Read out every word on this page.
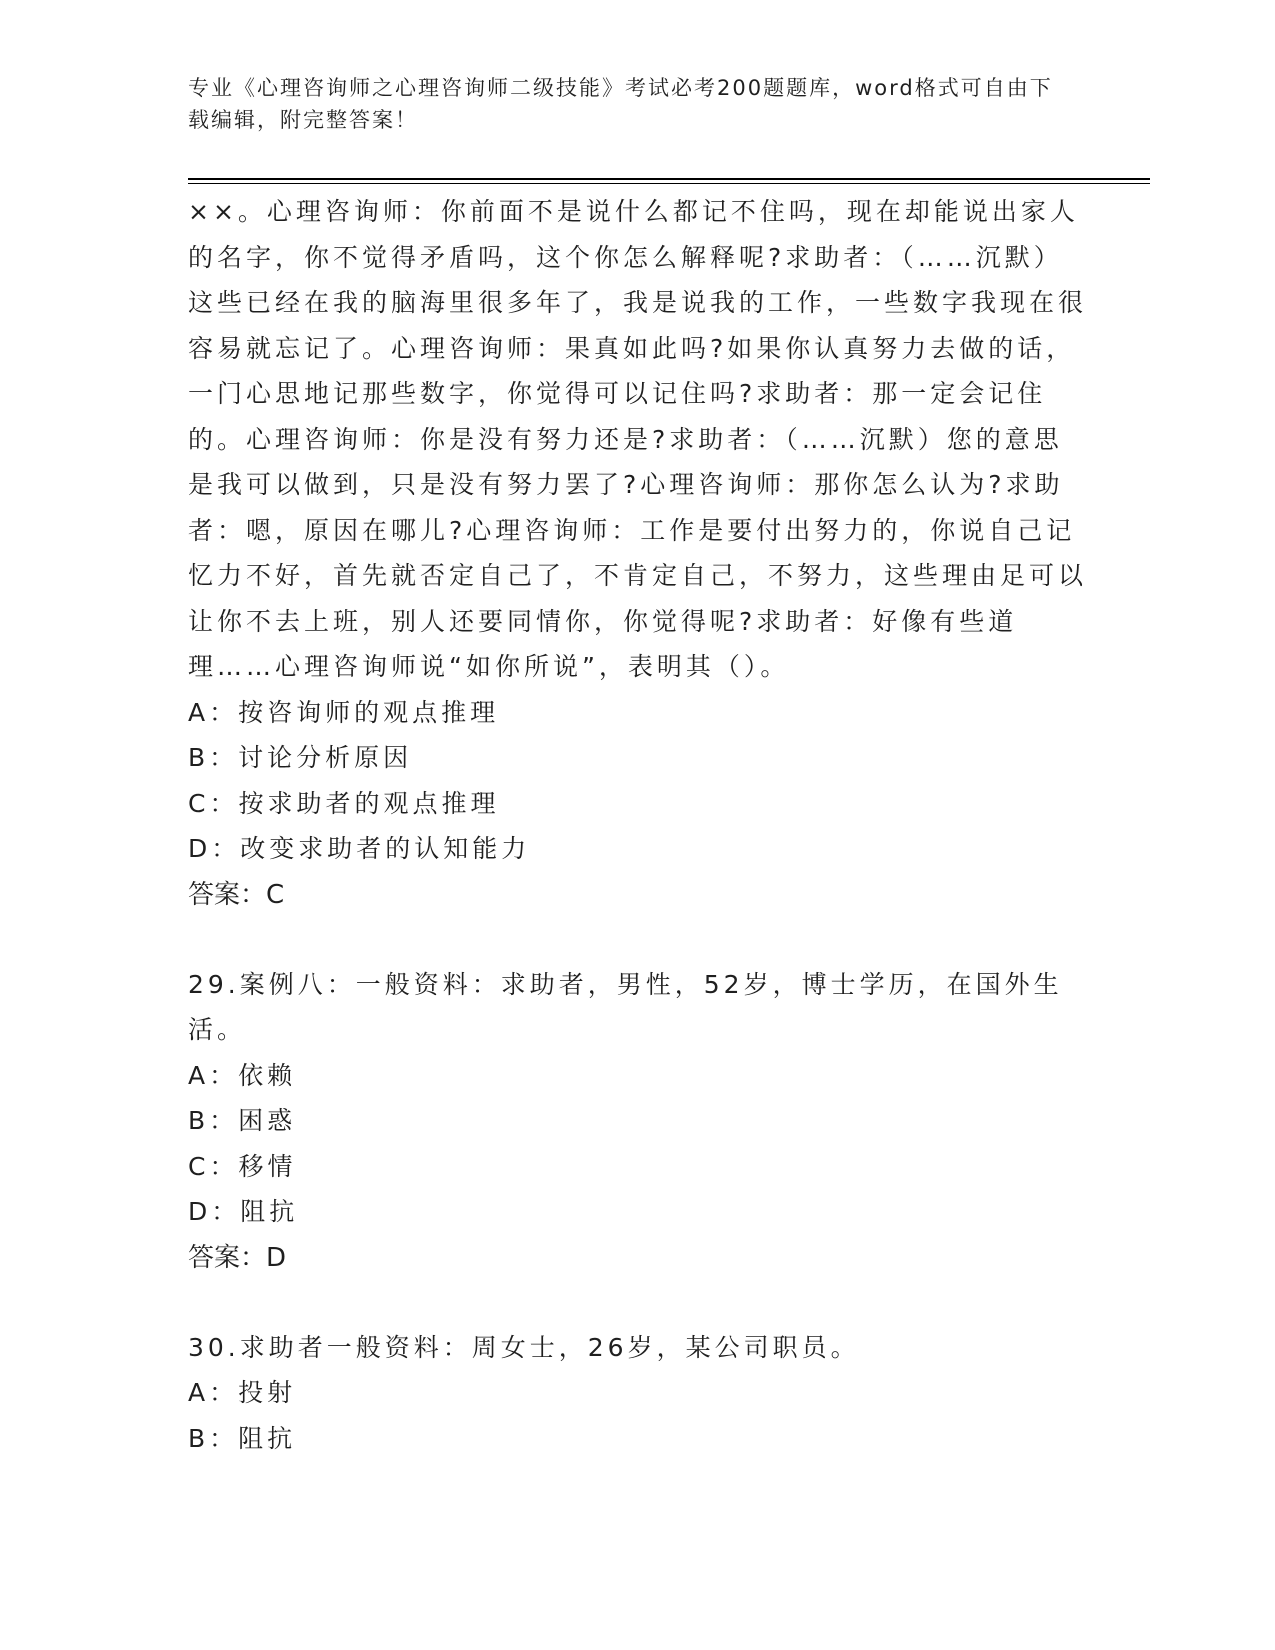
专业《心理咨询师之心理咨询师二级技能》考试必考200题题库，word格式可自由下载编辑，附完整答案！

××。心理咨询师：你前面不是说什么都记不住吗，现在却能说出家人的名字，你不觉得矛盾吗，这个你怎么解释呢?求助者：（……沉默）这些已经在我的脑海里很多年了，我是说我的工作，一些数字我现在很容易就忘记了。心理咨询师：果真如此吗?如果你认真努力去做的话，一门心思地记那些数字，你觉得可以记住吗?求助者：那一定会记住的。心理咨询师：你是没有努力还是?求助者：（……沉默）您的意思是我可以做到，只是没有努力罢了?心理咨询师：那你怎么认为?求助者：嗯，原因在哪儿?心理咨询师：工作是要付出努力的，你说自己记忆力不好，首先就否定自己了，不肯定自己，不努力，这些理由足可以让你不去上班，别人还要同情你，你觉得呢?求助者：好像有些道理……心理咨询师说“如你所说”，表明其（）。

A：按咨询师的观点推理

B：讨论分析原因

C：按求助者的观点推理

D：改变求助者的认知能力

答案：C

29.案例八：一般资料：求助者，男性，52岁，博士学历，在国外生活。

A：依赖

B：困惑

C：移情

D：阻抗

答案：D

30.求助者一般资料：周女士，26岁，某公司职员。

A：投射

B：阻抗
